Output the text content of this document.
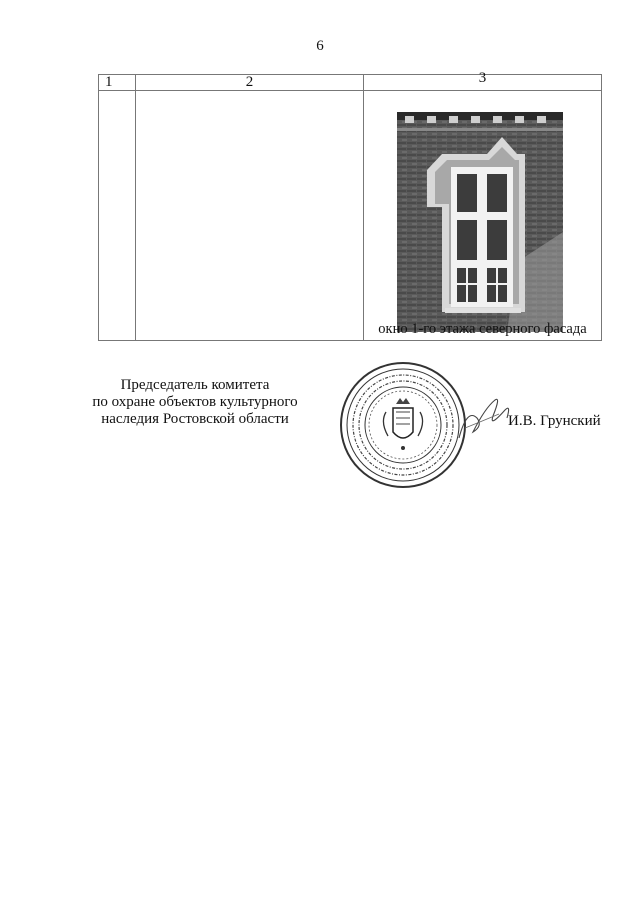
6
1	2	3

		окно 1-го этажа северного фасада
Председатель комитета
по охране объектов культурного
наследия Ростовской области	И.В. Грунский
